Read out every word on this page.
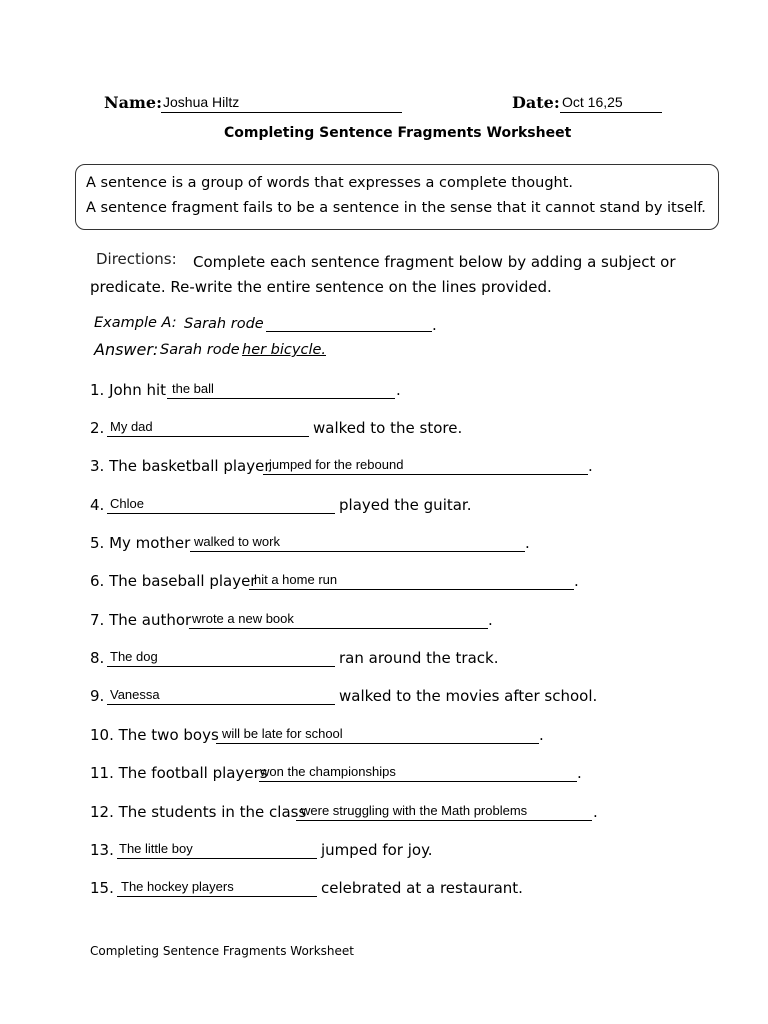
Name: Joshua Hiltz	Date: Oct 16,25
Completing Sentence Fragments Worksheet

A sentence is a group of words that expresses a complete thought.

A sentence fragment fails to be a sentence in the sense that it cannot stand by itself.

Directions: Complete each sentence fragment below by adding a subject or
predicate. Re-write the entire sentence on the lines provided.
Example A: Sarah rode	.
Answer: Sarah rode her bicycle.
1. John hit the ball	.
2. My dad	walked to the store.
3. The basketball player
jumped for the rebound	.
4. Chloe	played the guitar.
5. My mother walked to work	.
6. The baseball player
hit a home run	.
7. The author wrote a new book	.
8. The dog	ran around the track.
9. Vanessa	walked to the movies after school.
10. The two boys will be late for school	.
11. The football players
won the championships	.
12. The students in the class
were struggling with the Math problems	.
13. The little boy	jumped for joy.
15. The hockey players	celebrated at a restaurant.
Completing Sentence Fragments Worksheet
